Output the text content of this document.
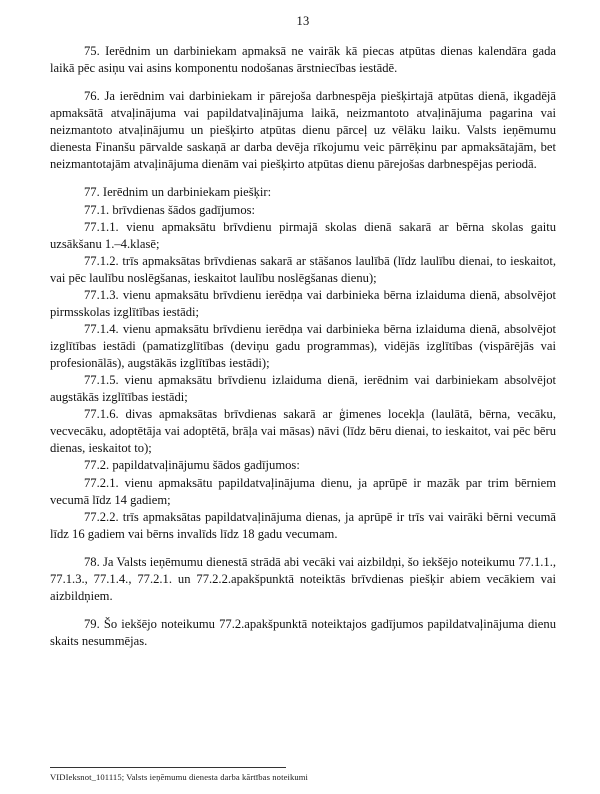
13

75. Ierēdnim un darbiniekam apmaksā ne vairāk kā piecas atpūtas dienas kalendāra gada laikā pēc asiņu vai asins komponentu nodošanas ārstniecības iestādē.

76. Ja ierēdnim vai darbiniekam ir pārejoša darbnespēja piešķirtajā atpūtas dienā, ikgadējā apmaksātā atvaļinājuma vai papildatvaļinājuma laikā, neizmantoto atvaļinājuma pagarina vai neizmantoto atvaļinājumu un piešķirto atpūtas dienu pārceļ uz vēlāku laiku. Valsts ieņēmumu dienesta Finanšu pārvalde saskaņā ar darba devēja rīkojumu veic pārrēķinu par apmaksātajām, bet neizmantotajām atvaļinājuma dienām vai piešķirto atpūtas dienu pārejošas darbnespējas periodā.

77. Ierēdnim un darbiniekam piešķir:

77.1. brīvdienas šādos gadījumos:

77.1.1. vienu apmaksātu brīvdienu pirmajā skolas dienā sakarā ar bērna skolas gaitu uzsākšanu 1.–4.klasē;

77.1.2. trīs apmaksātas brīvdienas sakarā ar stāšanos laulībā (līdz laulību dienai, to ieskaitot, vai pēc laulību noslēgšanas, ieskaitot laulību noslēgšanas dienu);

77.1.3. vienu apmaksātu brīvdienu ierēdņa vai darbinieka bērna izlaiduma dienā, absolvējot pirmsskolas izglītības iestādi;

77.1.4. vienu apmaksātu brīvdienu ierēdņa vai darbinieka bērna izlaiduma dienā, absolvējot izglītības iestādi (pamatizglītības (deviņu gadu programmas), vidējās izglītības (vispārējās vai profesionālās), augstākās izglītības iestādi);

77.1.5. vienu apmaksātu brīvdienu izlaiduma dienā, ierēdnim vai darbiniekam absolvējot augstākās izglītības iestādi;

77.1.6. divas apmaksātas brīvdienas sakarā ar ģimenes locekļa (laulātā, bērna, vecāku, vecvecāku, adoptētāja vai adoptētā, brāļa vai māsas) nāvi (līdz bēru dienai, to ieskaitot, vai pēc bēru dienas, ieskaitot to);

77.2. papildatvaļinājumu šādos gadījumos:

77.2.1. vienu apmaksātu papildatvaļinājuma dienu, ja aprūpē ir mazāk par trim bērniem vecumā līdz 14 gadiem;

77.2.2. trīs apmaksātas papildatvaļinājuma dienas, ja aprūpē ir trīs vai vairāki bērni vecumā līdz 16 gadiem vai bērns invalīds līdz 18 gadu vecumam.

78. Ja Valsts ieņēmumu dienestā strādā abi vecāki vai aizbildņi, šo iekšējo noteikumu 77.1.1., 77.1.3., 77.1.4., 77.2.1. un 77.2.2.apakšpunktā noteiktās brīvdienas piešķir abiem vecākiem vai aizbildņiem.

79. Šo iekšējo noteikumu 77.2.apakšpunktā noteiktajos gadījumos papildatvaļinājuma dienu skaits nesummējas.

VIDIeksnot_101115; Valsts ieņēmumu dienesta darba kārtības noteikumi
